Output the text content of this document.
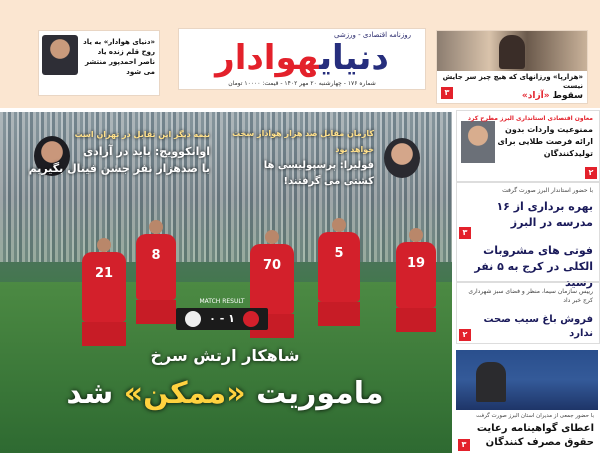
«دنیای هوادار» به یاد روح قلم زنده یاد ناصر احمدپور منتشر می شود
روزنامه اقتصادی - ورزشی
دنیایهوادار
شماره ۱۷۶ - چهارشنبه ۲۰ مهر ۱۴۰۲ - قیمت: ۱۰۰۰۰ تومان
«هزارپا» ورزانهای که هیچ چیز سر جایش نیست
سقوط «آزاد»
۳
21
8
70
5
19
نیمه دیگر این تقابل در تهران است
اوانکوویچ: باید در آزادی
با صدهزار نفر جشن فینال بگیریم
کارمان مقابل صد هزار هوادار سخت خواهد بود
فولیرا: پرسپولیسی ها
کشتی می گرفتند!
MATCH RESULT
۱ - ۰
شاهکار ارتش سرخ
ماموریت «ممکن» شد
معاون اقتصادی استانداری البرز مطرح کرد
ممنوعیت واردات بدون ارائه فرصت طلایی برای تولیدکنندگان
۲
با حضور استاندار البرز صورت گرفت
بهره برداری از ۱۶ مدرسه در البرز
۳
فوتی های مشروبات الکلی در کرج به ۵ نفر رسید
رییس سازمان سیما، منظر و فضای سبز شهرداری کرج خبر داد
فروش باغ سیب صحت ندارد
۲
با حضور جمعی از مدیران استان البرز صورت گرفت
اعطای گواهینامه رعایت حقوق مصرف کنندگان
۳
